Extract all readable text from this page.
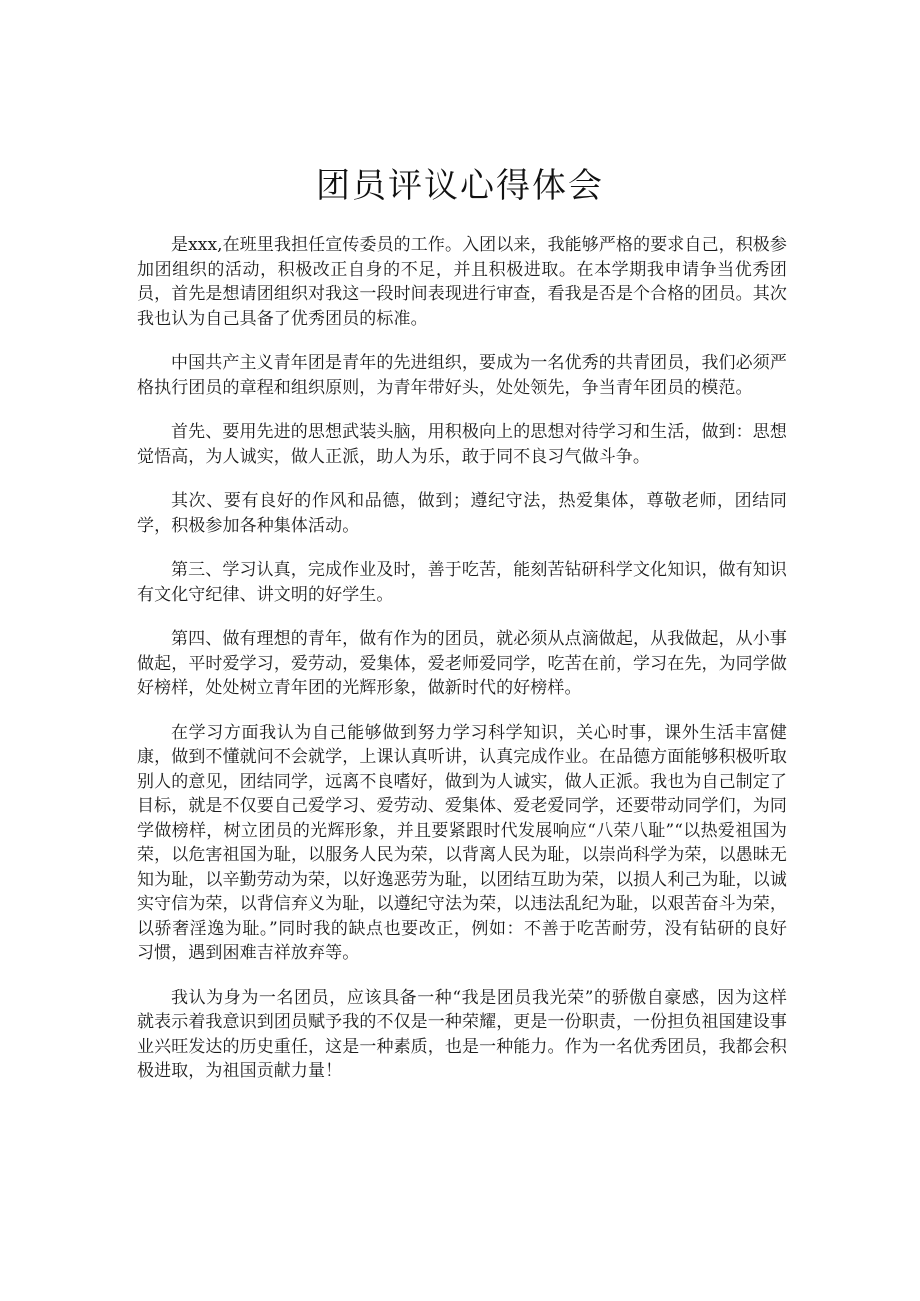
团员评议心得体会

是xxx,在班里我担任宣传委员的工作。入团以来，我能够严格的要求自己，积极参加团组织的活动，积极改正自身的不足，并且积极进取。在本学期我申请争当优秀团员，首先是想请团组织对我这一段时间表现进行审查，看我是否是个合格的团员。其次我也认为自己具备了优秀团员的标准。

中国共产主义青年团是青年的先进组织，要成为一名优秀的共青团员，我们必须严格执行团员的章程和组织原则，为青年带好头，处处领先，争当青年团员的模范。

首先、要用先进的思想武装头脑，用积极向上的思想对待学习和生活，做到：思想觉悟高，为人诚实，做人正派，助人为乐，敢于同不良习气做斗争。

其次、要有良好的作风和品德，做到；遵纪守法，热爱集体，尊敬老师，团结同学，积极参加各种集体活动。

第三、学习认真，完成作业及时，善于吃苦，能刻苦钻研科学文化知识，做有知识有文化守纪律、讲文明的好学生。

第四、做有理想的青年，做有作为的团员，就必须从点滴做起，从我做起，从小事做起，平时爱学习，爱劳动，爱集体，爱老师爱同学，吃苦在前，学习在先，为同学做好榜样，处处树立青年团的光辉形象，做新时代的好榜样。

在学习方面我认为自己能够做到努力学习科学知识，关心时事，课外生活丰富健康，做到不懂就问不会就学，上课认真听讲，认真完成作业。在品德方面能够积极听取别人的意见，团结同学，远离不良嗜好，做到为人诚实，做人正派。我也为自己制定了目标，就是不仅要自己爱学习、爱劳动、爱集体、爱老爱同学，还要带动同学们，为同学做榜样，树立团员的光辉形象，并且要紧跟时代发展响应“八荣八耻”“以热爱祖国为荣，以危害祖国为耻，以服务人民为荣，以背离人民为耻，以崇尚科学为荣，以愚昧无知为耻，以辛勤劳动为荣，以好逸恶劳为耻，以团结互助为荣，以损人利己为耻，以诚实守信为荣，以背信弃义为耻，以遵纪守法为荣，以违法乱纪为耻，以艰苦奋斗为荣，以骄奢淫逸为耻。”同时我的缺点也要改正，例如：不善于吃苦耐劳，没有钻研的良好习惯，遇到困难吉祥放弃等。

我认为身为一名团员，应该具备一种“我是团员我光荣”的骄傲自豪感，因为这样就表示着我意识到团员赋予我的不仅是一种荣耀，更是一份职责，一份担负祖国建设事业兴旺发达的历史重任，这是一种素质，也是一种能力。作为一名优秀团员，我都会积极进取，为祖国贡献力量！
